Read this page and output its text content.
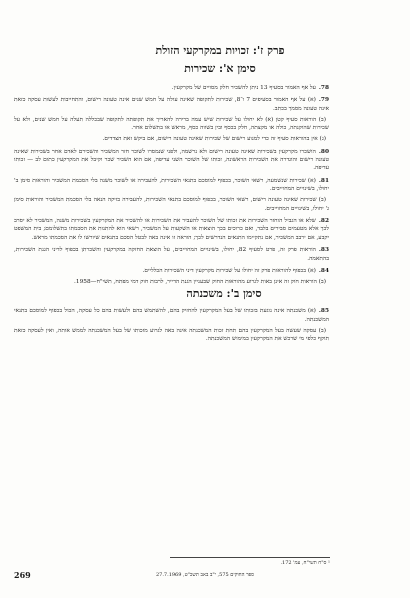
פרק ז': זכויות במקרקעי הזולת
סימן א': שכירות

78.על אף האמור בסעיף 13 ניתן להשכיר חלק מסויים של מקרקעין.

79.(א) על אף האמור בסעיפים 7 ו־8, שכירות לתקופה שאינה עולה על חמש שנים אינה טעונה רישום, והתחייבות לעשות עסקה כזאת אינה טעונה מסמך בכתב.

(ב) הוראות סעיף קטן (א) לא יחולו על שכירות שיש עמה ברירה להאריך את תקופתה לתקופה שבכללה תעלה על חמש שנים, ולא על שכירות שהוקנתה, כולה או מקצתה, חלק בכסף ובין בשווה כסף, מראש או בתשלום אחר.

(ג) אין בהוראות סעיף זה כדי למנוע רישום של שכירות שאינה טעונה רישום, אם ביקש זאת הצדדים.

80.הושכרו מקרקעין בשכירות שאינה טעונה רישום ולא נרשמה, ולפני שנמסרו לשוכר חזר המשכיר והשכירם לאדם אחר בשכירות שאינה טעונה רישום והוגדרה את השכירות הראשונה, זכותו של השוכר השני עדיפה, אם הוא השכיר שכר וקיבל את המקרקעין כתום לב — זכותו עדיפה.

81.(א) שכירות שנשמעה, רשאי השוכר, בכפוף למוסכם בתנאי השכירות, להעבירה או לשוכר משנה בלי הסכמת המשכיר והוראות סימן ב' יחולו, בשינויים המחוייבים.

(ב) שכירות שאינה טעונה רישום, רשאי השוכר, בכפוף למוסכם בתנאי השכירות, להעבירה בזיקה הנאה בלי הסכמת המשכיר והוראות סימן ג' יחולו, בשינויים המחוייבים.

82.שלא או הגביל הוחזר השכירות את זכותו של השוכר להעביר את השכירות או להשכיר את המקרקעין בשכירות משנה, המשכיר לא יסרב לכך אלא מטעמים סבירים בלבד, ואם כרוכים בכך הוצאות או השקעות על המשכיר, רשאי הוא להתנות את הסכמתו בתשלומם; בית המשפט יקבע, אם ירבב המשכיר, אם נתקיימו התנאים הנדרשים לכך; הוראה זו אינה באה לבטל הסכם בתנאים שיורשו לו את הסכמתו מראש.

83.הוראות פרק זה, פרט לסעיף 82, יחולו, בשינויים המחוייבים, על הוצאת החזקה במקרקעין והשכרתן בכפוף לדיני הגנת השכירות, בהתאמה.

84.(א) בכפוף להוראות פרק זה יחולו על שכירות מקרקעין דיני השכירות הכלליים.

(ב) הוראות חוק זה אינן באות לגרוע מהוראות החוק שבעניין הגנת הדייר, לרבות חוק דמי מפתח, תשי"ח—1958.

סימן ב': משכנתה

85.(א) משכנתה אינה נוגעת בזכותו של בעל המקרקעין להחזיק בהם, להשתמש בהם ולעשות בהם כל עסקה, הכול בכפוף למוסכם בתנאי המשכנתה.

(ב) עסקה שעשה בעל המקרקעין בהם תחת זכות המשכנתה אינה באה לגרוע מזכותו של בעל המשכנתה לממש אותה, ואין לעסקה כזאת תוקף כלפי מי שרכש את המקרקעין במימוש המשכנתה.

¹ ס"ח תשי"ח, עמ' 172.
269	ספר החוקים 575, י"ב באב תשכ"ט, 27.7.1969
